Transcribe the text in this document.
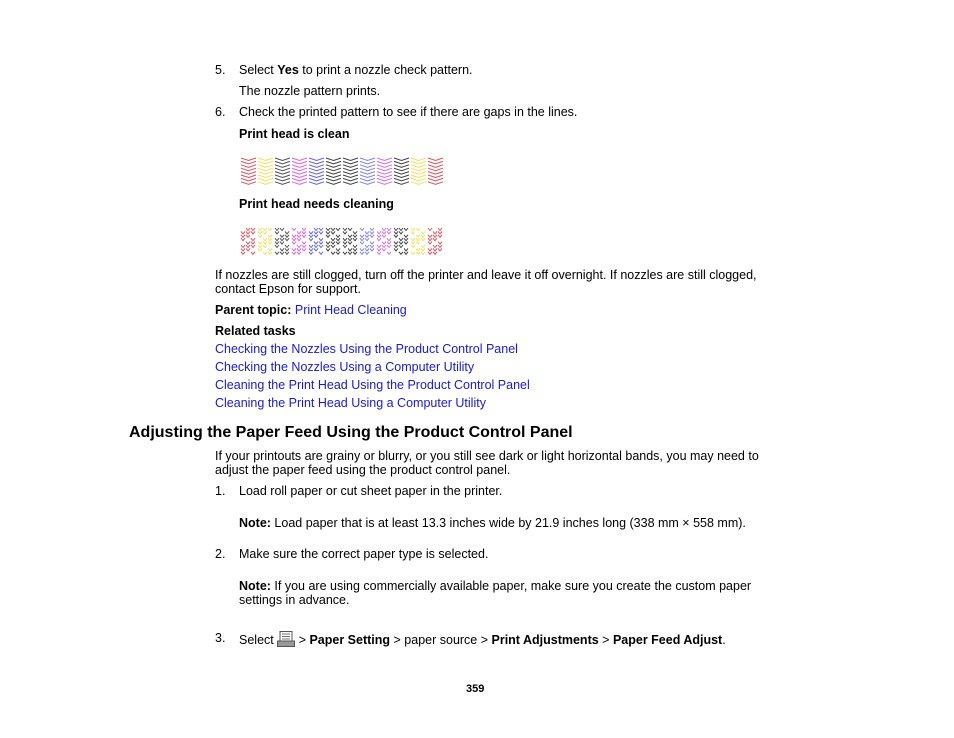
5. Select Yes to print a nozzle check pattern.
The nozzle pattern prints.
6. Check the printed pattern to see if there are gaps in the lines.
Print head is clean
Print head needs cleaning
If nozzles are still clogged, turn off the printer and leave it off overnight. If nozzles are still clogged,
contact Epson for support.
Parent topic: Print Head Cleaning
Related tasks
Checking the Nozzles Using the Product Control Panel
Checking the Nozzles Using a Computer Utility
Cleaning the Print Head Using the Product Control Panel
Cleaning the Print Head Using a Computer Utility
Adjusting the Paper Feed Using the Product Control Panel
If your printouts are grainy or blurry, or you still see dark or light horizontal bands, you may need to
adjust the paper feed using the product control panel.
1. Load roll paper or cut sheet paper in the printer.
Note: Load paper that is at least 13.3 inches wide by 21.9 inches long (338 mm × 558 mm).
2. Make sure the correct paper type is selected.
Note: If you are using commercially available paper, make sure you create the custom paper
settings in advance.
3. Select  > Paper Setting > paper source > Print Adjustments > Paper Feed Adjust.
359
